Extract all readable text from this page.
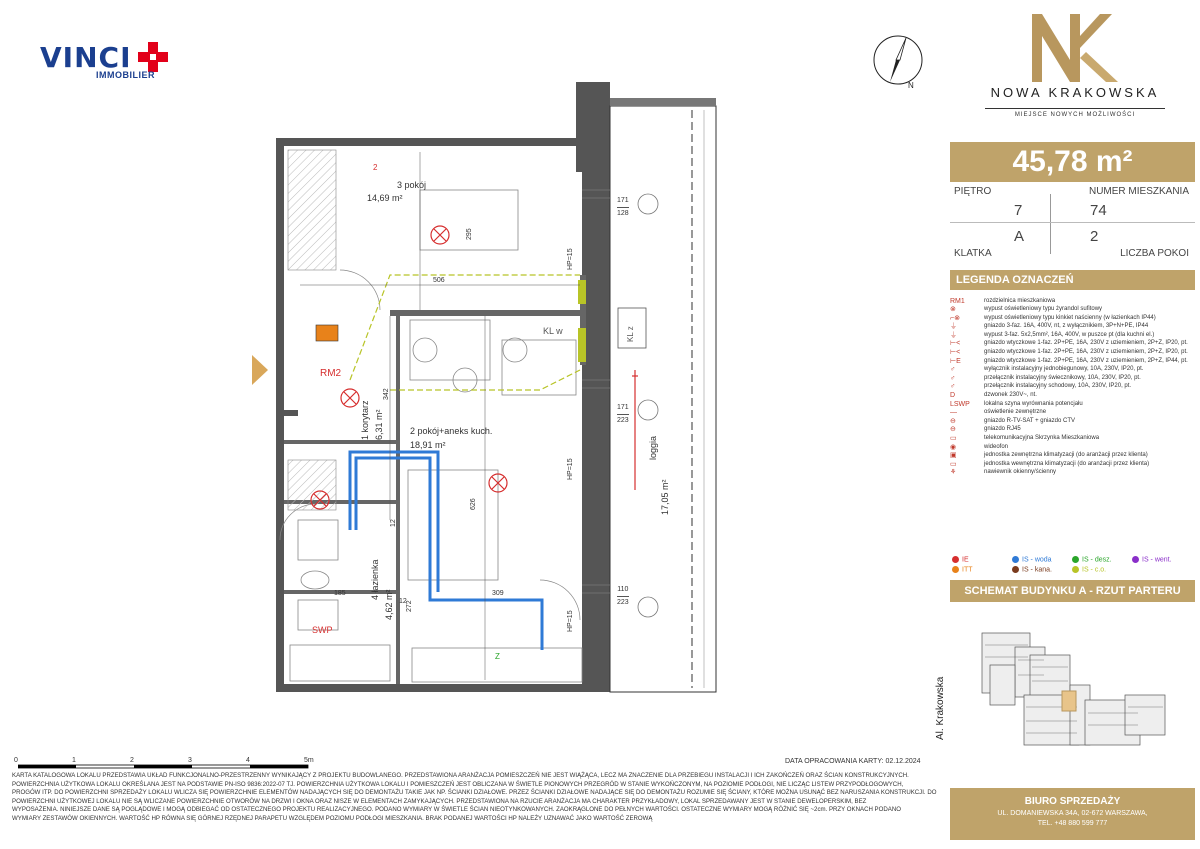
VINCI
IMMOBILIER
N	NOWA KRAKOWSKA
MIEJSCE NOWYCH MOŻLIWOŚCI
45,78 m²
PIĘTRO	NUMER MIESZKANIA
7	74
A	2
KLATKA	LICZBA POKOI
LEGENDA OZNACZEŃ
RM1	rozdzielnica mieszkaniowa
⊗	wypust oświetleniowy typu żyrandol sufitowy
⌐⊗	wypust oświetleniowy typu kinkiet naścienny (w łazienkach IP44)
⏚	gniazdo 3-faz. 16A, 400V, nt, z wyłącznikiem, 3P+N+PE, IP44
⏚	wypust 3-faz. 5x2,5mm², 16A, 400V, w puszce pt (dla kuchni el.)
⊢<	gniazdo wtyczkowe 1-faz. 2P+PE, 16A, 230V z uziemieniem, 2P+Z, IP20, pt.
⊢<	gniazdo wtyczkowe 1-faz. 2P+PE, 16A, 230V z uziemieniem, 2P+Z, IP20, pt.
⊢E	gniazdo wtyczkowe 1-faz. 2P+PE, 16A, 230V z uziemieniem, 2P+Z, IP44, pt.
♂	wyłącznik instalacyjny jednobiegunowy, 10A, 230V, IP20, pt.
♂	przełącznik instalacyjny świecznikowy, 10A, 230V, IP20, pt.
♂	przełącznik instalacyjny schodowy, 10A, 230V, IP20, pt.
D	dzwonek 230V~, nt.
LSWP	lokalna szyna wyrównania potencjału
—	oświetlenie zewnętrzne
⊖	gniazdo R-TV-SAT + gniazdo CTV
⊖	gniazdo RJ45
▭	telekomunikacyjna Skrzynka Mieszkaniowa
◉	wideofon
▣	jednostka zewnętrzna klimatyzacji (do aranżacji przez klienta)
▭	jednostka wewnętrzna klimatyzacji (do aranżacji przez klienta)
⚘	nawiewnik okienny/ścienny
IE	IS - woda	IS - desz.	IS - went.
ITT	IS - kana.	IS - c.o.
SCHEMAT BUDYNKU A - RZUT PARTERU
Al. Krakowska
BIURO SPRZEDAŻY
UL. DOMANIEWSKA 34A, 02-672 WARSZAWA,
TEL. +48 880 599 777
0	1	2	3	4	5m	DATA OPRACOWANIA KARTY: 02.12.2024
KARTA KATALOGOWA LOKALU PRZEDSTAWIA UKŁAD FUNKCJONALNO-PRZESTRZENNY WYNIKAJĄCY Z PROJEKTU BUDOWLANEGO. PRZEDSTAWIONA ARANŻACJA POMIESZCZEŃ NIE JEST WIĄŻĄCA, LECZ MA ZNACZENIE DLA PRZEBIEGU INSTALACJI I ICH ZAKOŃCZEŃ ORAZ ŚCIAN KONSTRUKCYJNYCH.
POWIERZCHNIA UŻYTKOWA LOKALU OKREŚLANA JEST NA PODSTAWIE PN-ISO 9836:2022-07 TJ. POWIERZCHNIA UŻYTKOWA LOKALU I POMIESZCZEŃ JEST OBLICZANA W ŚWIETLE PIONOWYCH PRZEGRÓD W STANIE WYKOŃCZONYM, NA POZIOMIE PODŁOGI, NIE LICZĄC LISTEW PRZYPODŁOGOWYCH,
PROGÓW ITP. DO POWIERZCHNI SPRZEDAŻY LOKALU WLICZA SIĘ POWIERZCHNIE ELEMENTÓW NADAJĄCYCH SIĘ DO DEMONTAŻU TAKIE JAK NP. ŚCIANKI DZIAŁOWE. PRZEZ ŚCIANKI DZIAŁOWE NADAJĄCE SIĘ DO DEMONTAŻU ROZUMIE SIĘ ŚCIANY, KTÓRE MOŻNA USUNĄĆ BEZ NARUSZANIA KONSTRUKCJI. DO
POWIERZCHNI UŻYTKOWEJ LOKALU NIE SĄ WLICZANE POWIERZCHNIE OTWORÓW NA DRZWI I OKNA ORAZ NISZE W ELEMENTACH ZAMYKAJĄCYCH. PRZEDSTAWIONA NA RZUCIE ARANŻACJA MA CHARAKTER PRZYKŁADOWY, LOKAL SPRZEDAWANY JEST W STANIE DEWELOPERSKIM, BEZ
WYPOSAŻENIA. NINIEJSZE DANE SĄ POGLĄDOWE I MOGĄ ODBIEGAĆ OD OSTATECZNEGO PROJEKTU REALIZACYJNEGO. PODANO WYMIARY W ŚWIETLE ŚCIAN NIEOTYNKOWANYCH. ZAOKRĄGLONE DO PEŁNYCH WARTOŚCI. OSTATECZNE WYMIARY MOGĄ RÓŻNIĆ SIĘ ~2cm. PRZY OKNACH PODANO
WYMIARY ZESTAWÓW OKIENNYCH. WARTOŚĆ HP RÓWNA SIĘ GÓRNEJ RZĘDNEJ PARAPETU WZGLĘDEM POZIOMU PODŁOGI MIESZKANIA. BRAK PODANEJ WARTOŚCI HP NALEŻY UZNAWAĆ JAKO WARTOŚĆ ZEROWĄ
3 pokój
14,69 m²
2 pokój+aneks kuch.
18,91 m²
1 korytarz 6,31 m²
4 łazienka
4,62 m²
loggia
17,05 m²
295
506
342
626
185
272
309
12
12
171
128
171
223
110
223
HP=15
HP=15
HP=15
RM2
SWP
KL w	KL z
Z
2
